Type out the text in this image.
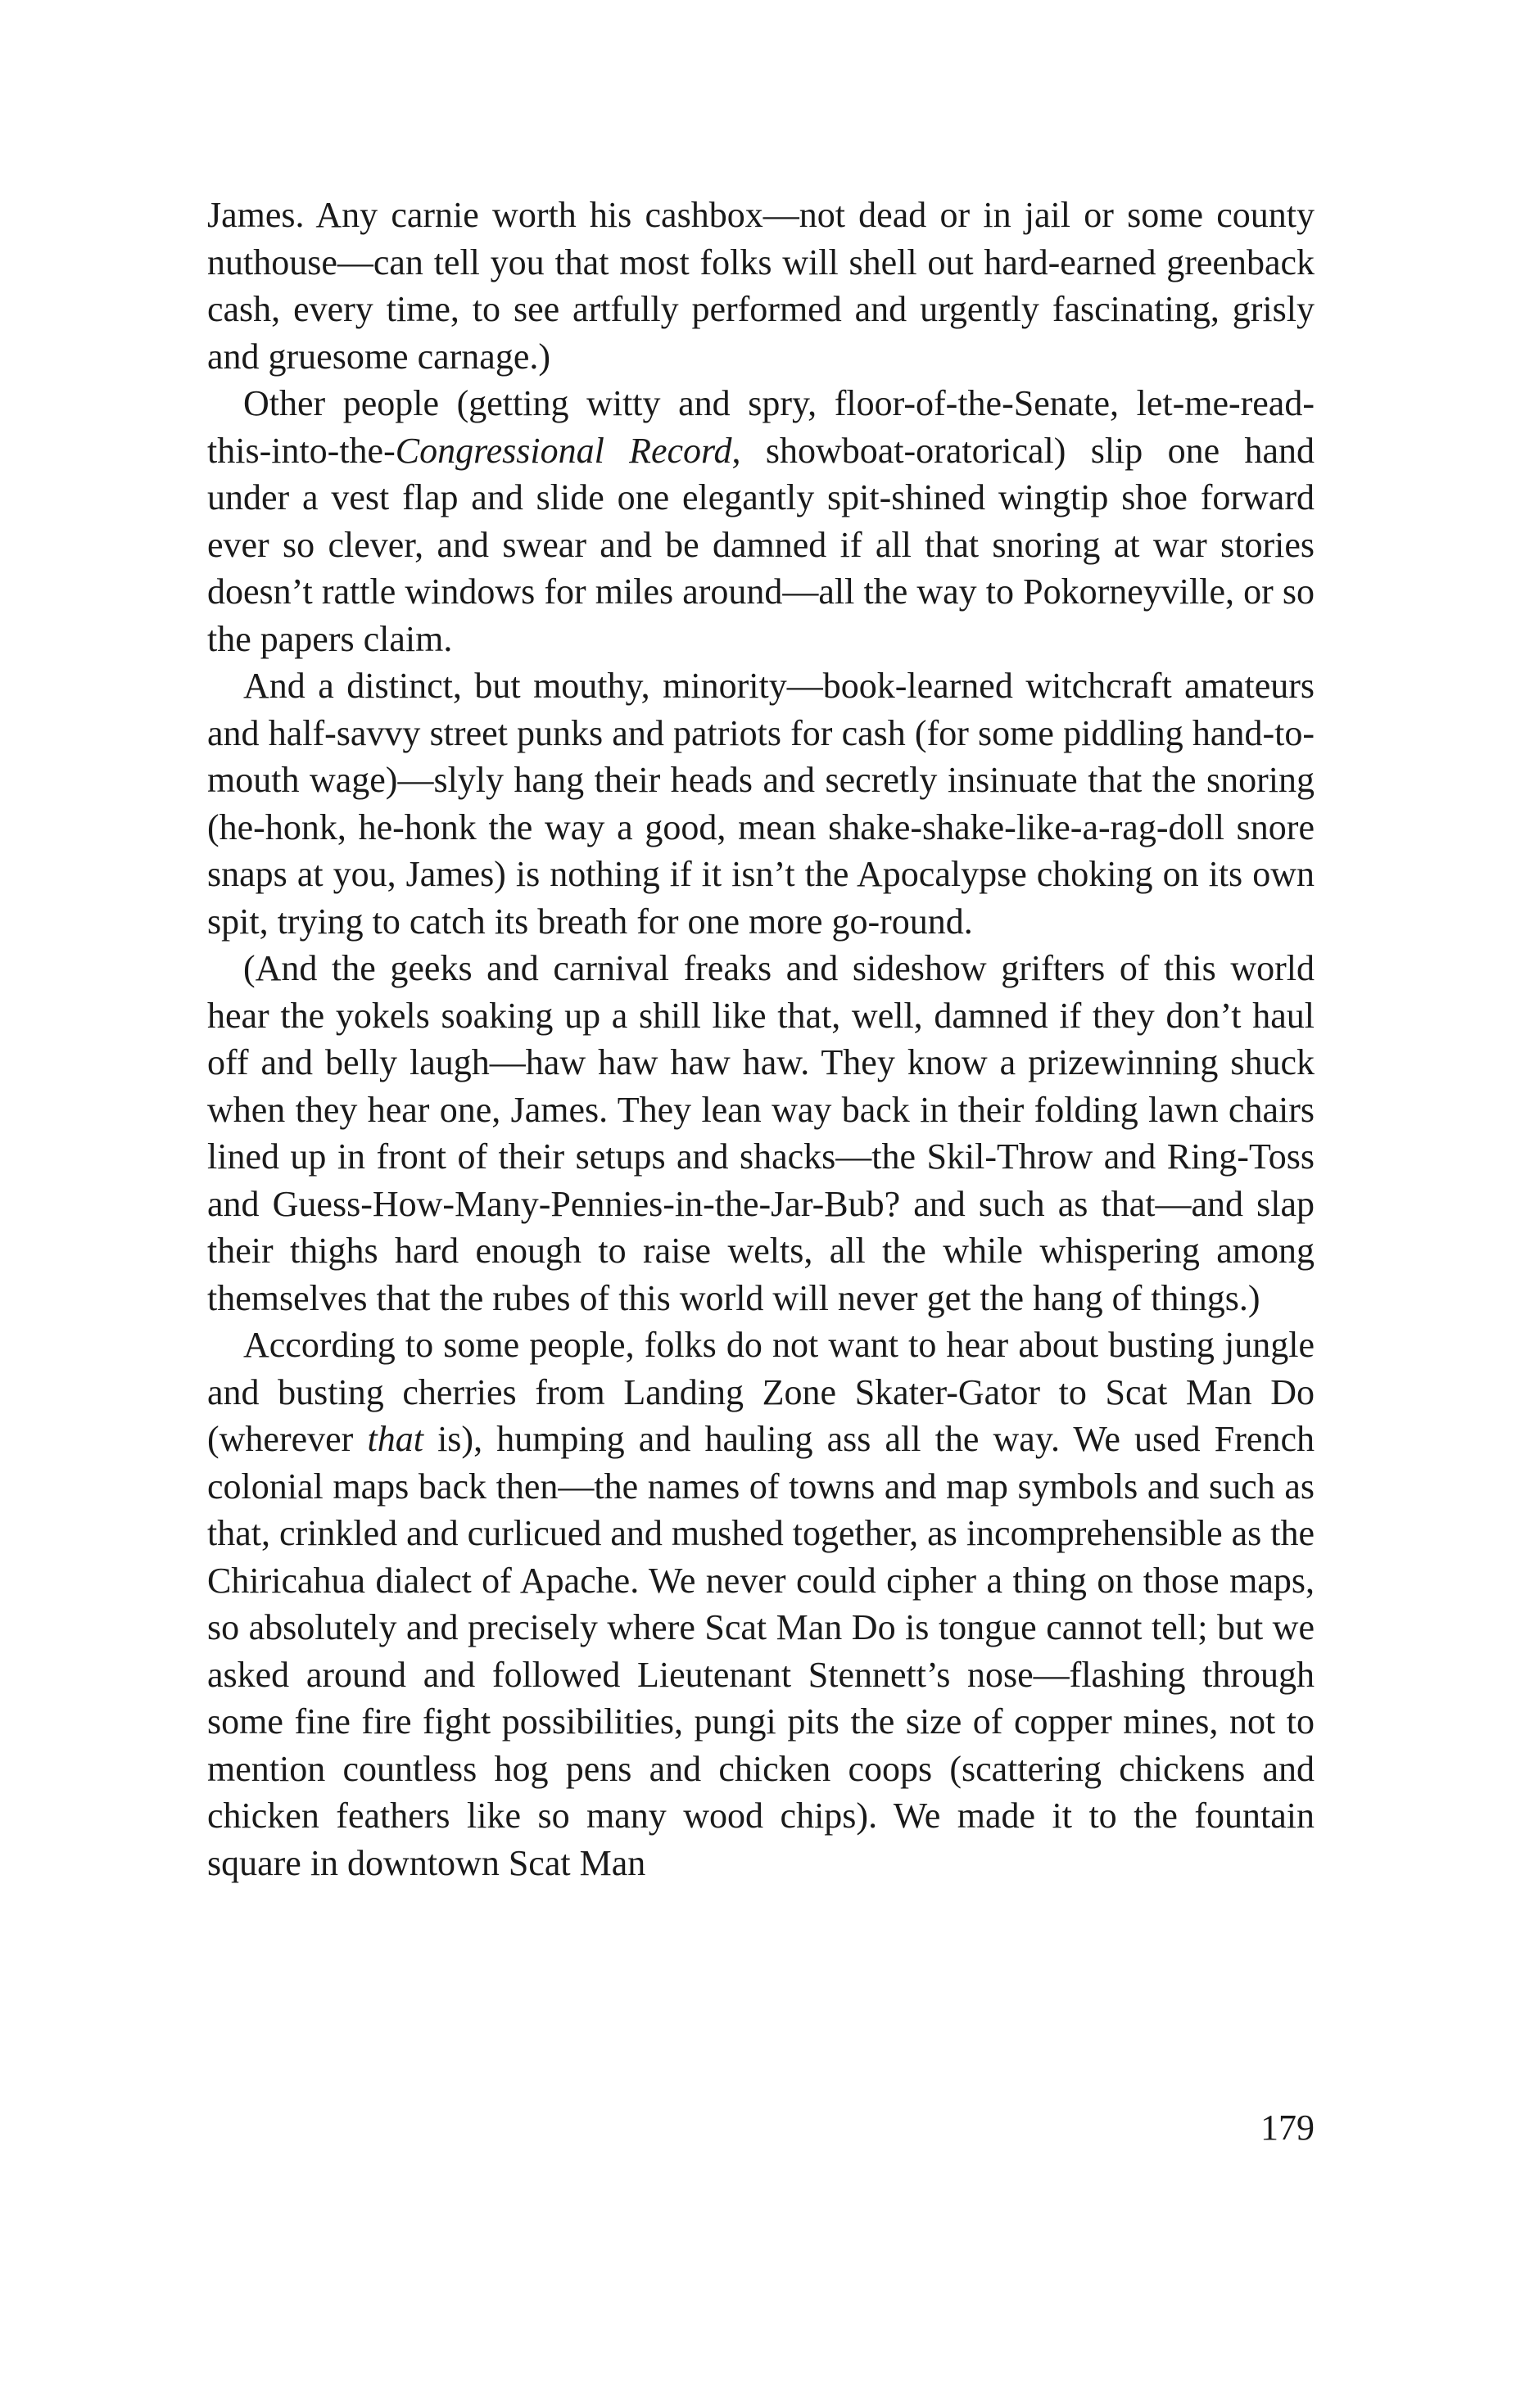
James. Any carnie worth his cashbox—not dead or in jail or some county nuthouse—can tell you that most folks will shell out hard-earned greenback cash, every time, to see artfully performed and urgently fascinating, grisly and gruesome carnage.)

Other people (getting witty and spry, floor-of-the-Senate, let-me-read-this-into-the-Congressional Record, showboat-oratorical) slip one hand under a vest flap and slide one elegantly spit-shined wingtip shoe forward ever so clever, and swear and be damned if all that snoring at war stories doesn’t rattle windows for miles around—all the way to Pokorneyville, or so the papers claim.

And a distinct, but mouthy, minority—book-learned witchcraft amateurs and half-savvy street punks and patriots for cash (for some piddling hand-to-mouth wage)—slyly hang their heads and secretly insinuate that the snoring (he-honk, he-honk the way a good, mean shake-shake-like-a-rag-doll snore snaps at you, James) is nothing if it isn’t the Apocalypse choking on its own spit, trying to catch its breath for one more go-round.

(And the geeks and carnival freaks and sideshow grifters of this world hear the yokels soaking up a shill like that, well, damned if they don’t haul off and belly laugh—haw haw haw haw. They know a prizewinning shuck when they hear one, James. They lean way back in their folding lawn chairs lined up in front of their setups and shacks—the Skil-Throw and Ring-Toss and Guess-How-Many-Pennies-in-the-Jar-Bub? and such as that—and slap their thighs hard enough to raise welts, all the while whispering among themselves that the rubes of this world will never get the hang of things.)

According to some people, folks do not want to hear about busting jungle and busting cherries from Landing Zone Skater-Gator to Scat Man Do (wherever that is), humping and hauling ass all the way. We used French colonial maps back then—the names of towns and map symbols and such as that, crinkled and curlicued and mushed together, as incomprehensible as the Chiricahua dialect of Apache. We never could cipher a thing on those maps, so absolutely and precisely where Scat Man Do is tongue cannot tell; but we asked around and followed Lieutenant Stennett’s nose—flashing through some fine fire fight possibilities, pungi pits the size of copper mines, not to mention countless hog pens and chicken coops (scattering chickens and chicken feathers like so many wood chips). We made it to the fountain square in downtown Scat Man

179
